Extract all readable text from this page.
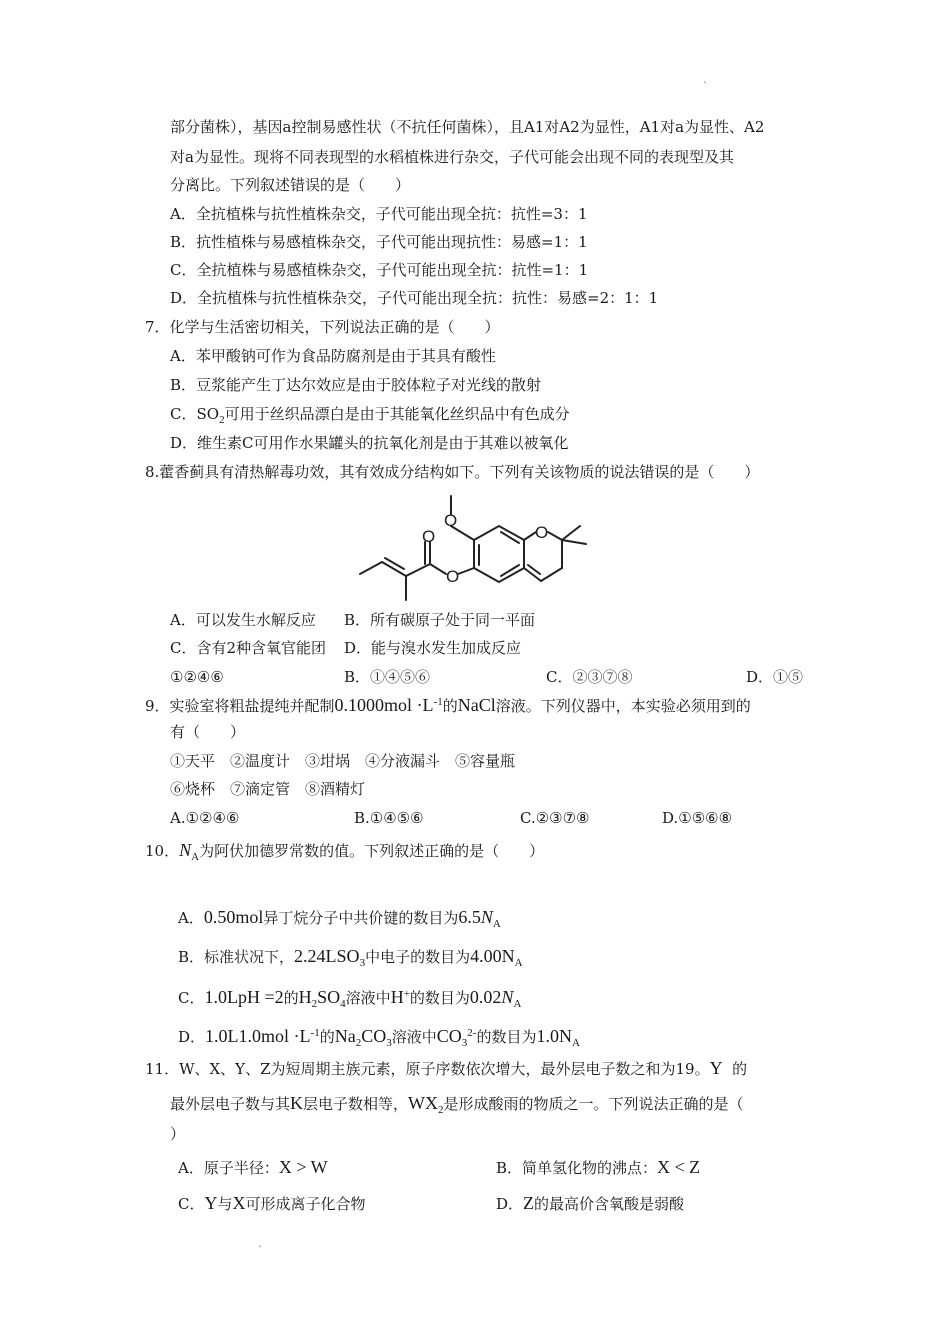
`
部分菌株），基因a控制易感性状（不抗任何菌株），且A1对A2为显性，A1对a为显性、A2
对a为显性。现将不同表现型的水稻植株进行杂交，子代可能会出现不同的表现型及其
分离比。下列叙述错误的是（　　）
A．全抗植株与抗性植株杂交，子代可能出现全抗：抗性=3：1
B．抗性植株与易感植株杂交，子代可能出现抗性：易感=1：1
C．全抗植株与易感植株杂交，子代可能出现全抗：抗性=1：1
D．全抗植株与抗性植株杂交，子代可能出现全抗：抗性：易感=2：1：1
7．化学与生活密切相关，下列说法正确的是（　　）
A．苯甲酸钠可作为食品防腐剂是由于其具有酸性
B．豆浆能产生丁达尔效应是由于胶体粒子对光线的散射
C．$SO_2$可用于丝织品漂白是由于其能氧化丝织品中有色成分
D．维生素C可用作水果罐头的抗氧化剂是由于其难以被氧化
8.藿香蓟具有清热解毒功效，其有效成分结构如下。下列有关该物质的说法错误的是（　　）
O
O
O
O
A．可以发生水解反应 B．所有碳原子处于同一平面
C．含有2种含氧官能团 D．能与溴水发生加成反应
①②④⑥	B．①④⑤⑥	C．②③⑦⑧	D．①⑤
9．实验室将粗盐提纯并配制$0.1000mol \cdot L^{-1}$的NaCl溶液。下列仪器中，本实验必须用到的
有（　　）
①天平　②温度计　③坩埚　④分液漏斗　⑤容量瓶
⑥烧杯　⑦滴定管　⑧酒精灯
A.①②④⑥	B.①④⑤⑥	C.②③⑦⑧	D.①⑤⑥⑧
10．$N_A$为阿伏加德罗常数的值。下列叙述正确的是（　　）
A．0.50mol异丁烷分子中共价键的数目为$6.5N_A$
B．标准状况下，$2.24LSO_3$中电子的数目为$4.00N_A$
C．1.0LpH =2的$H_2SO_4$溶液中H+的数目为$0.02N_A$
D．$1.0L1.0mol \cdot L^{-1}$的$Na_2CO_3$溶液中$CO_3^{2-}$的数目为$1.0N_A$
11．W、X、Y、Z为短周期主族元素，原子序数依次增大，最外层电子数之和为19。Y 的
最外层电子数与其K层电子数相等，$WX_2$是形成酸雨的物质之一。下列说法正确的是（
）
A．原子半径：X > W	B．简单氢化物的沸点：X < Z
C．Y与X可形成离子化合物	D．Z的最高价含氧酸是弱酸
`
